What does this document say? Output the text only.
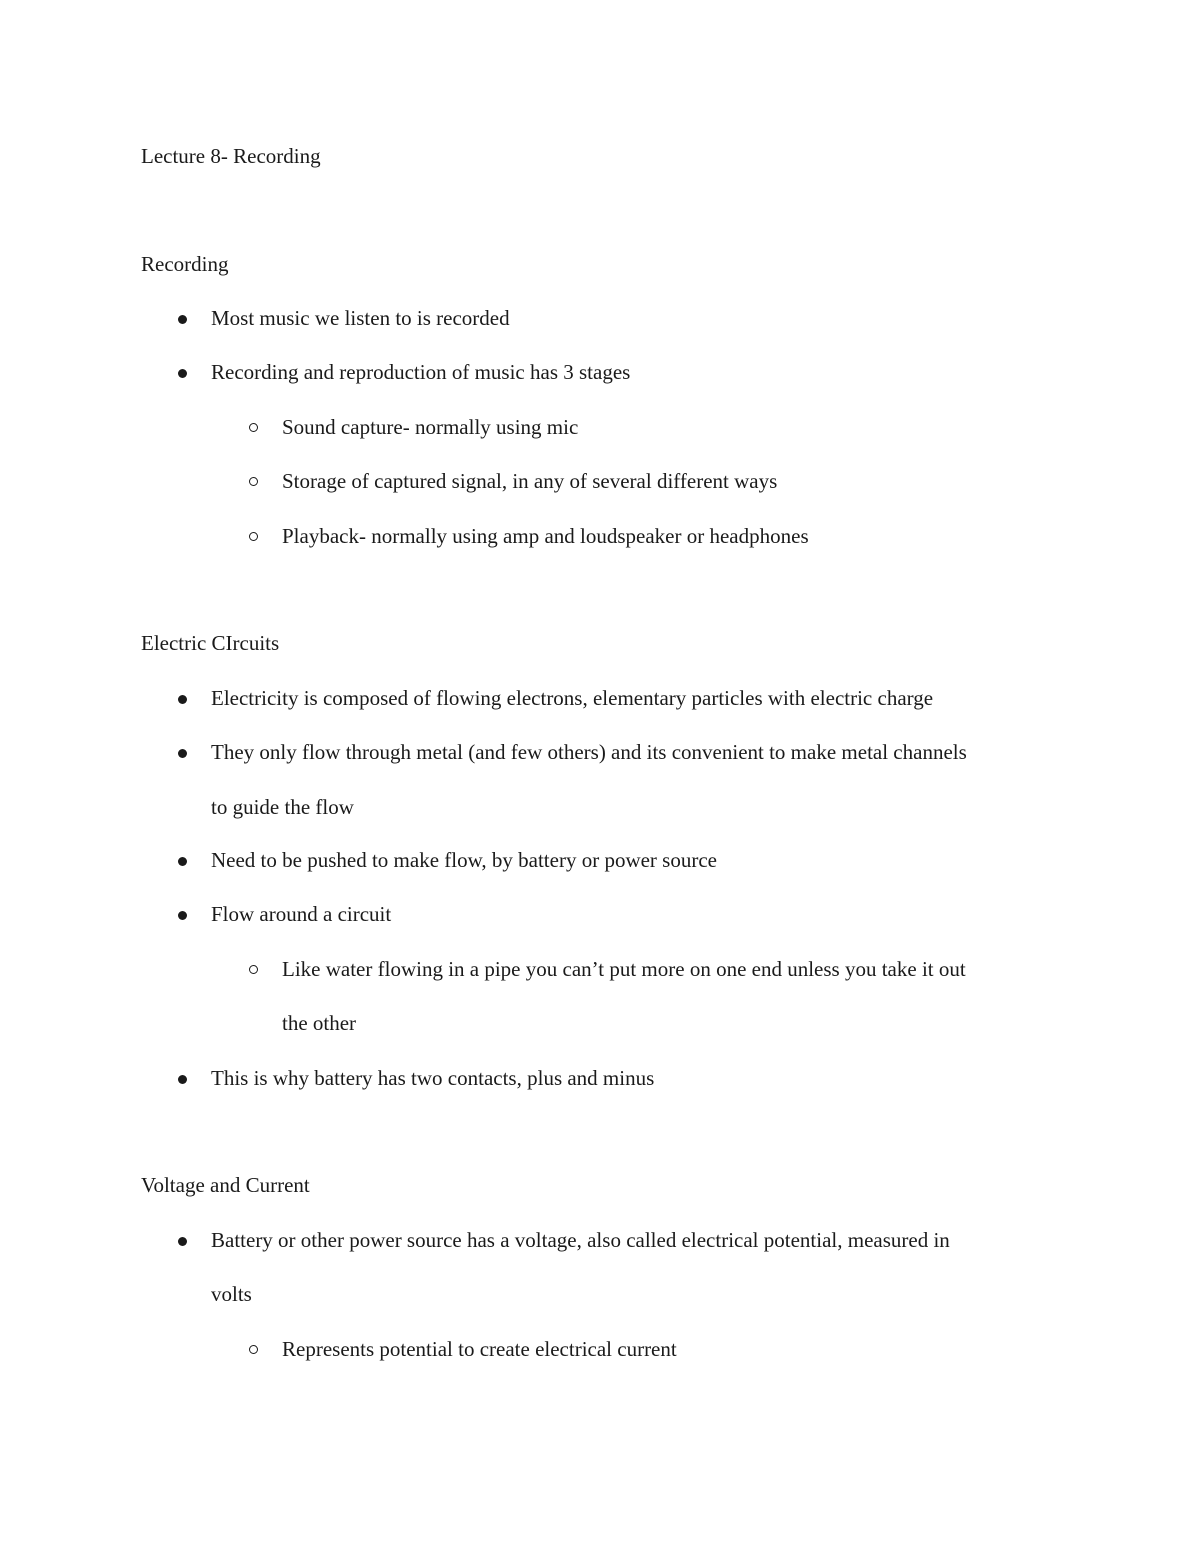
Lecture 8- Recording
Recording
Most music we listen to is recorded
Recording and reproduction of music has 3 stages
Sound capture- normally using mic
Storage of captured signal, in any of several different ways
Playback- normally using amp and loudspeaker or headphones
Electric CIrcuits
Electricity is composed of flowing electrons, elementary particles with electric charge
They only flow through metal (and few others) and its convenient to make metal channels
to guide the flow
Need to be pushed to make flow, by battery or power source
Flow around a circuit
Like water flowing in a pipe you can’t put more on one end unless you take it out
the other
This is why battery has two contacts, plus and minus
Voltage and Current
Battery or other power source has a voltage, also called electrical potential, measured in
volts
Represents potential to create electrical current
